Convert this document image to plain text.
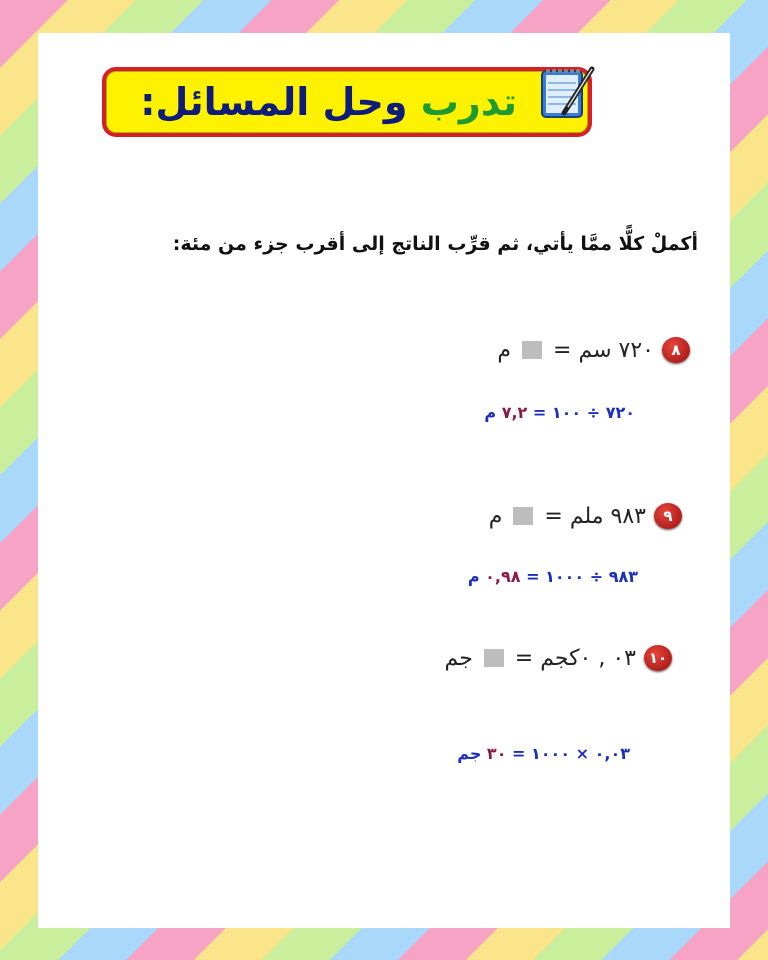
تدرب وحل المسائل:
أكملْ كلًّا ممَّا يأتي، ثم قرِّب الناتج إلى أقرب جزء من مئة:
٨
٧٢٠ سم =
م
٧٢٠ ÷ ١٠٠ = ٧,٢ م
٩
٩٨٣ ملم =
م
٩٨٣ ÷ ١٠٠٠ = ٠,٩٨ م
١٠
٠٣ , ٠كجم =
جم
٠,٠٣ × ١٠٠٠ = ٣٠ جم
